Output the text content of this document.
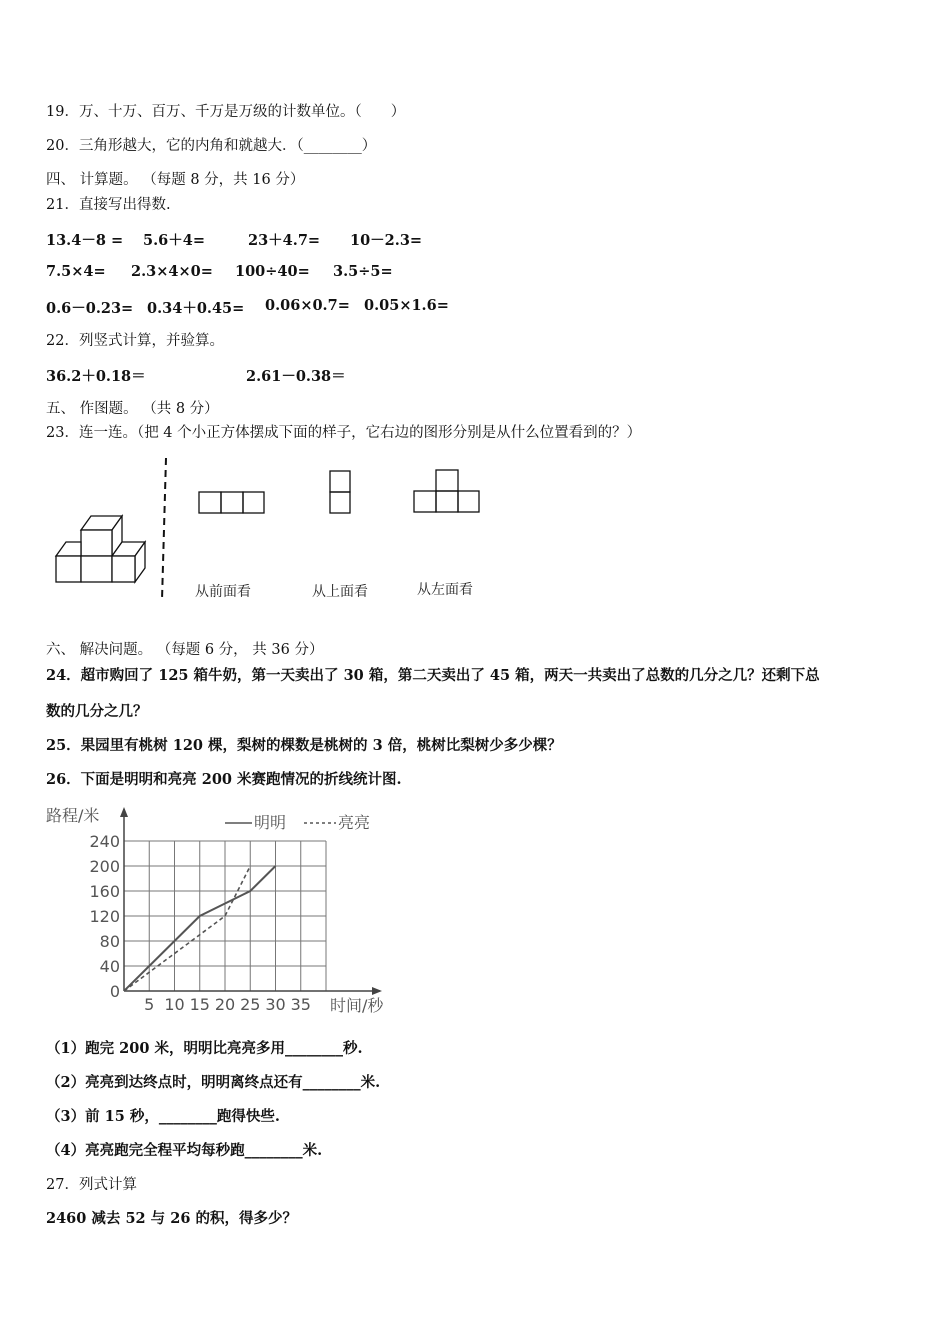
19．万、十万、百万、千万是万级的计数单位。（　　）
20．三角形越大，它的内角和就越大．（________）
四、 计算题。 （每题 8 分，共 16 分）
21．直接写出得数.
13.4－8 = 5.6＋4=	23＋4.7= 10－2.3=
7.5×4= 2.3×4×0= 100÷40= 3.5÷5=
0.6－0.23= 0.34＋0.45= 0.06×0.7= 0.05×1.6=
22．列竖式计算，并验算。
36.2＋0.18＝	2.61－0.38＝
五、 作图题。 （共 8 分）
23．连一连。（把 4 个小正方体摆成下面的样子，它右边的图形分别是从什么位置看到的？）
从前面看	从上面看	从左面看
六、 解决问题。 （每题 6 分， 共 36 分）
24．超市购回了 125 箱牛奶，第一天卖出了 30 箱，第二天卖出了 45 箱，两天一共卖出了总数的几分之几？还剩下总
数的几分之几？
25．果园里有桃树 120 棵，梨树的棵数是桃树的 3 倍，桃树比梨树少多少棵？
26．下面是明明和亮亮 200 米赛跑情况的折线统计图.
路程/米	明明	亮亮
40
80
120
160
200
240
5 10 15 20 25 30 35
0
时间/秒
（1）跑完 200 米，明明比亮亮多用________秒.
（2）亮亮到达终点时，明明离终点还有________米.
（3）前 15 秒，________跑得快些.
（4）亮亮跑完全程平均每秒跑________米.
27．列式计算
2460 减去 52 与 26 的积，得多少？
